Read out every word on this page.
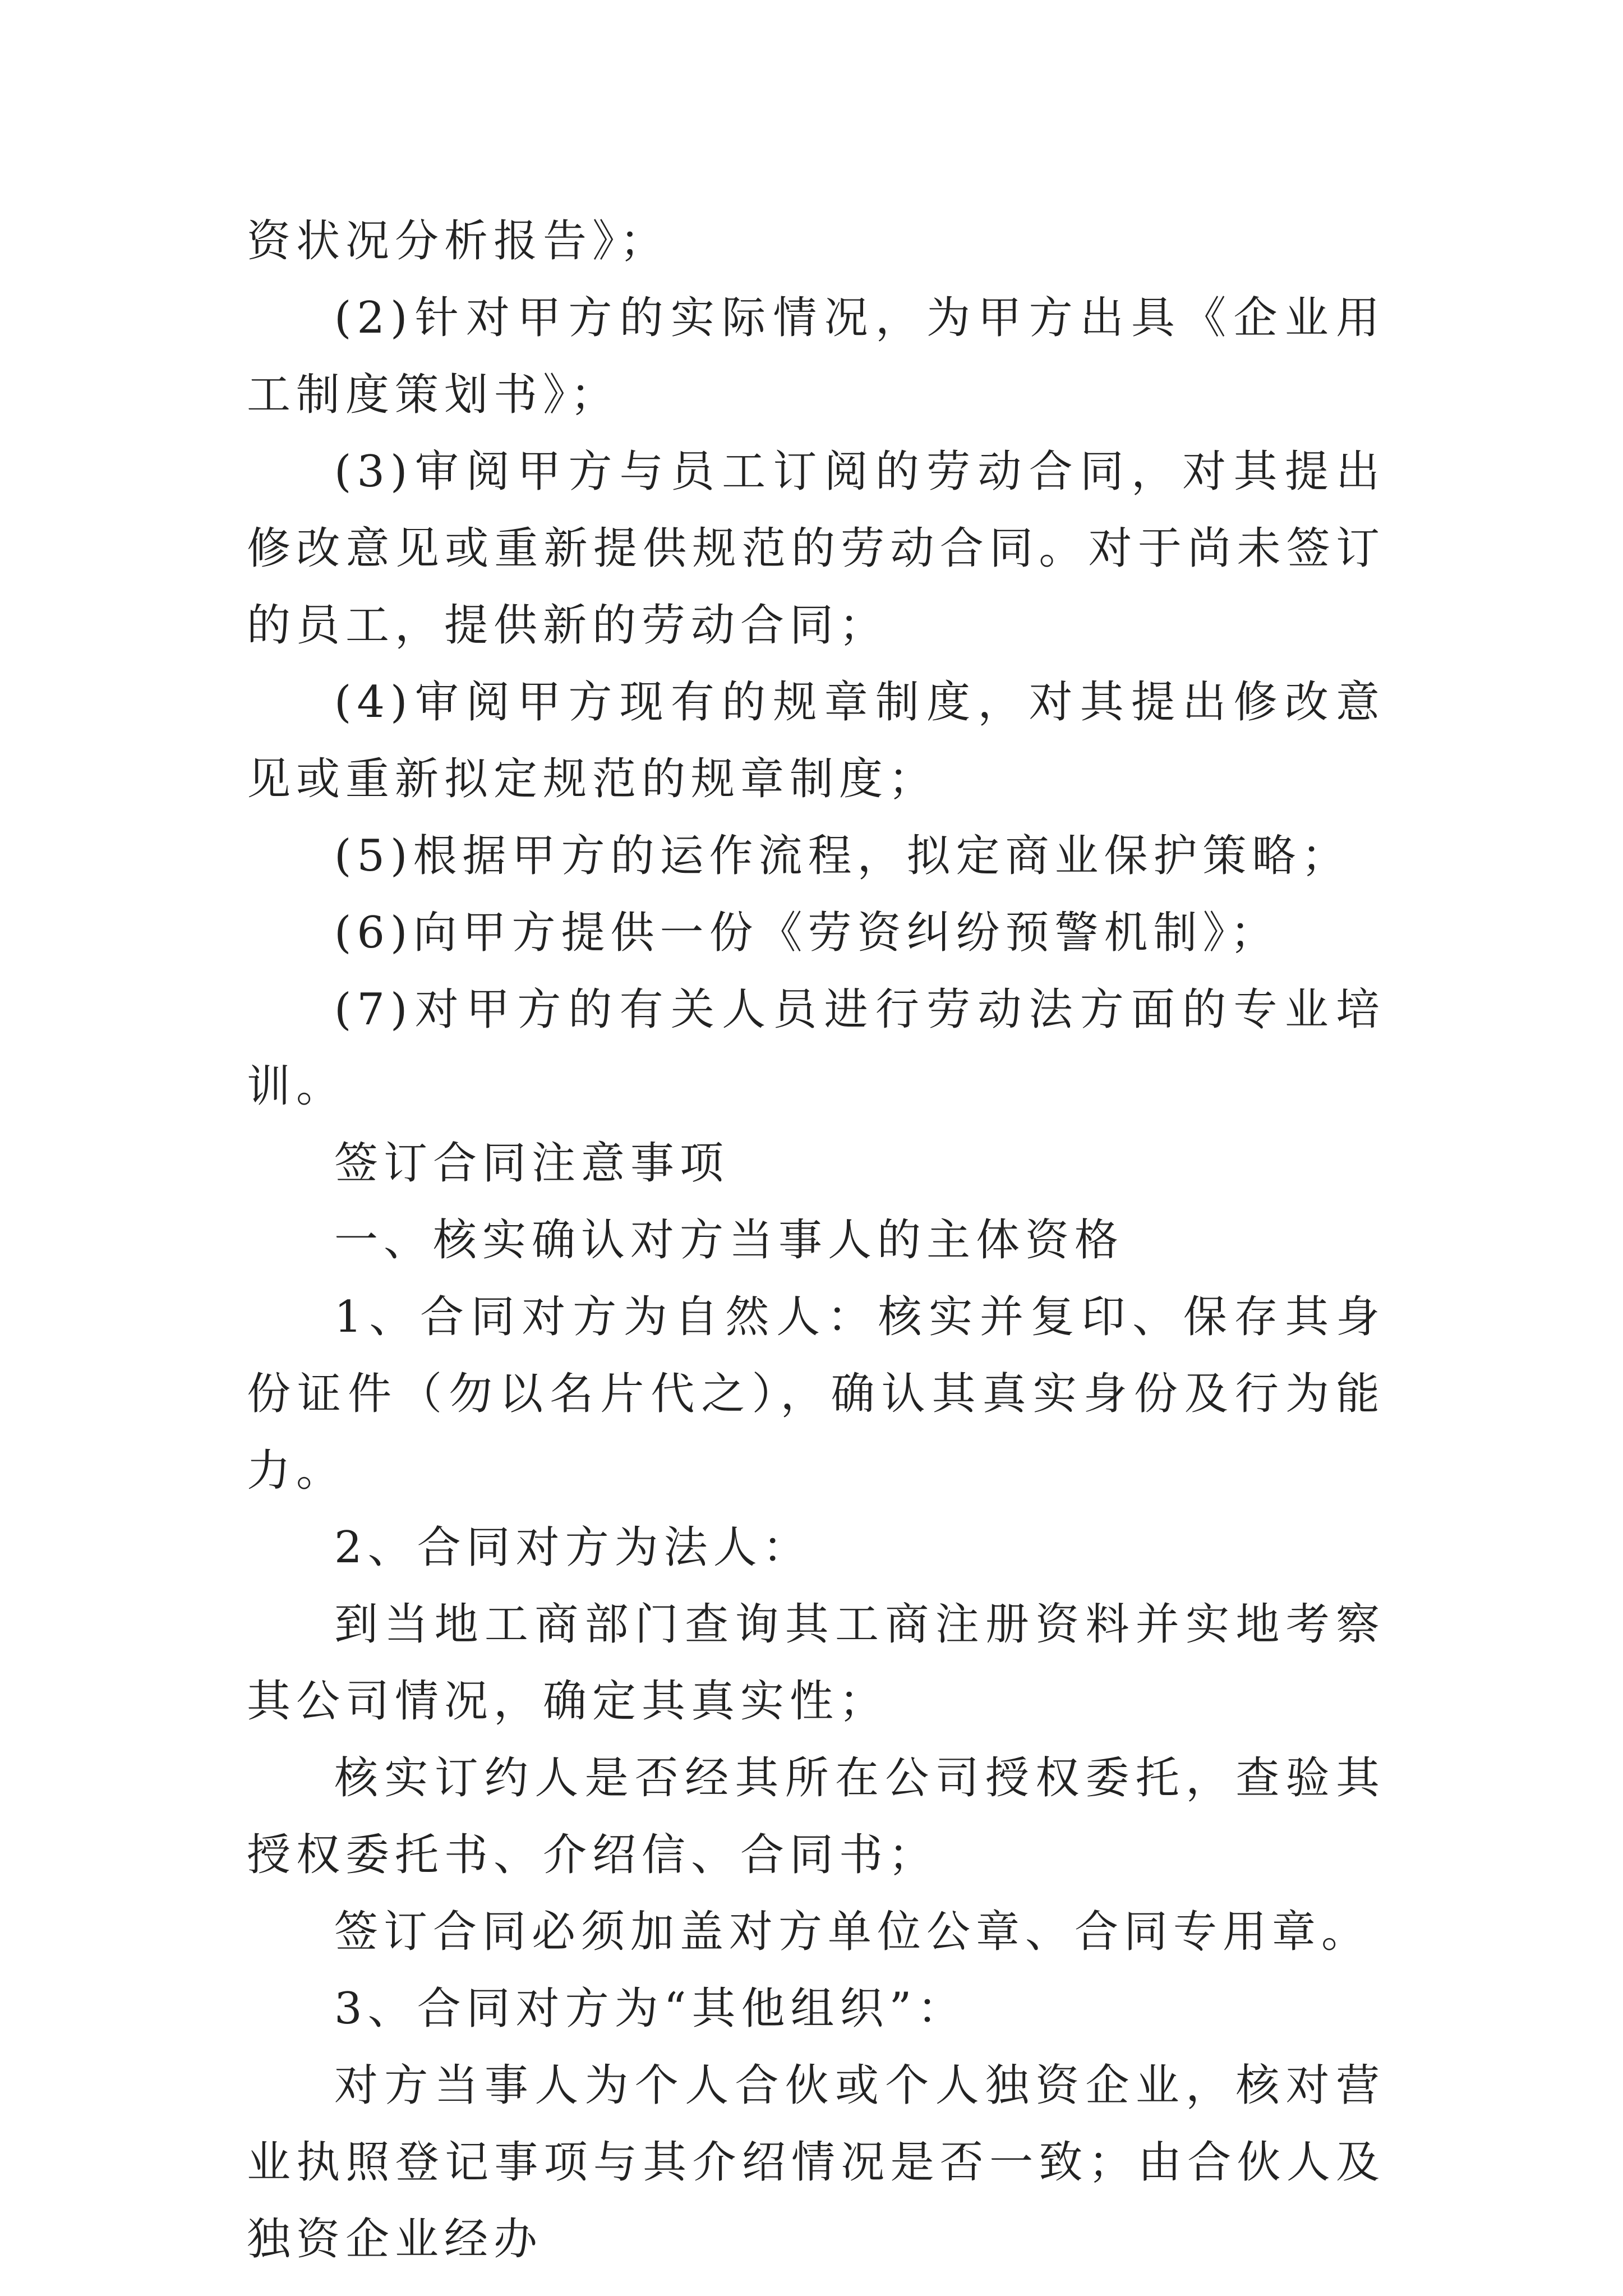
资状况分析报告》；

(2)针对甲方的实际情况，为甲方出具《企业用工制度策划书》；

(3)审阅甲方与员工订阅的劳动合同，对其提出修改意见或重新提供规范的劳动合同。对于尚未签订的员工，提供新的劳动合同；

(4)审阅甲方现有的规章制度，对其提出修改意见或重新拟定规范的规章制度；

(5)根据甲方的运作流程，拟定商业保护策略；

(6)向甲方提供一份《劳资纠纷预警机制》；

(7)对甲方的有关人员进行劳动法方面的专业培训。

签订合同注意事项

一、核实确认对方当事人的主体资格

1、合同对方为自然人：核实并复印、保存其身份证件（勿以名片代之），确认其真实身份及行为能力。

2、合同对方为法人：

到当地工商部门查询其工商注册资料并实地考察其公司情况，确定其真实性；

核实订约人是否经其所在公司授权委托，查验其授权委托书、介绍信、合同书；

签订合同必须加盖对方单位公章、合同专用章。

3、合同对方为“其他组织”：

对方当事人为个人合伙或个人独资企业，核对营业执照登记事项与其介绍情况是否一致；由合伙人及独资企业经办
